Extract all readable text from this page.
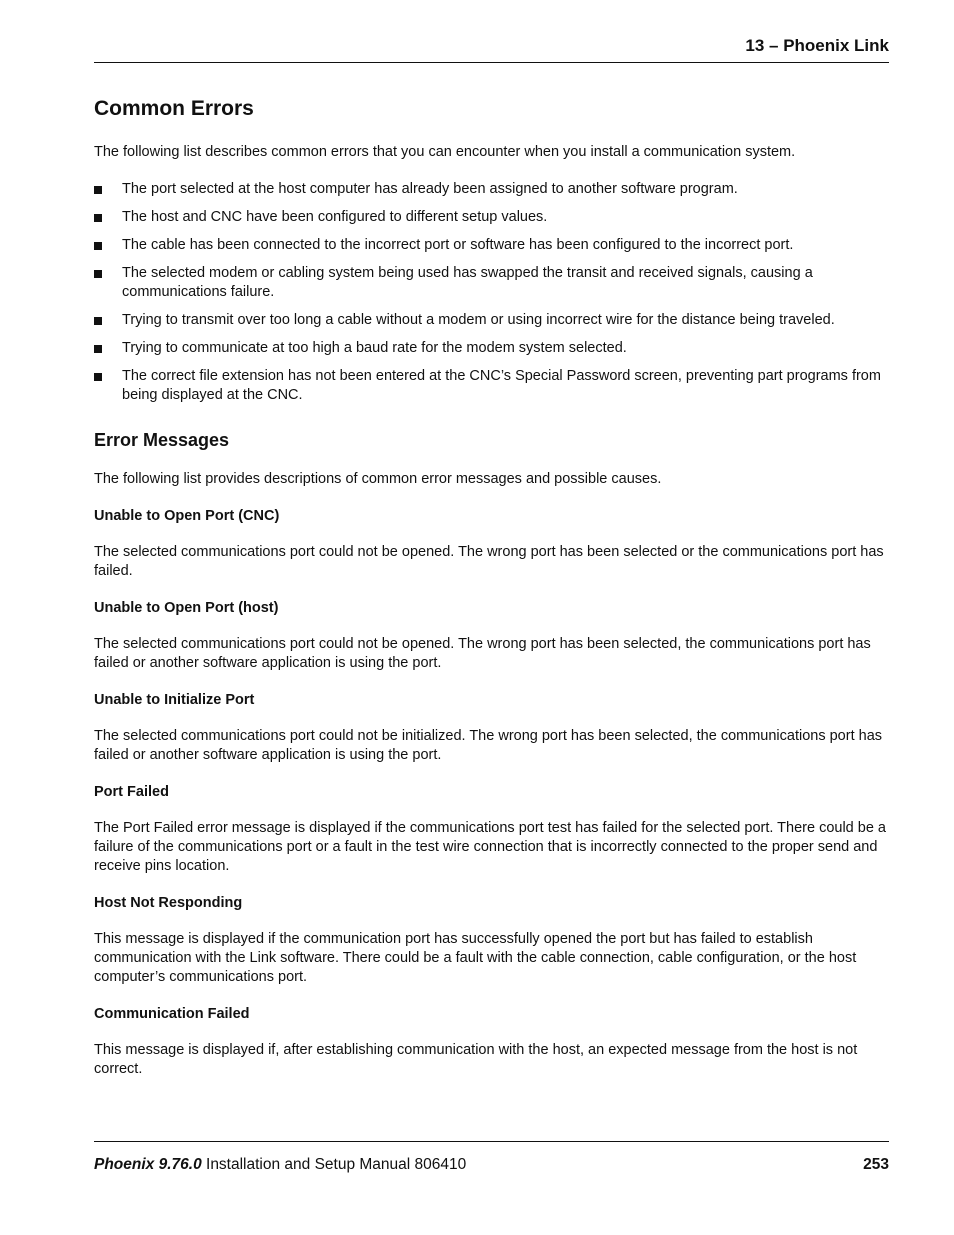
13 – Phoenix Link
Common Errors

The following list describes common errors that you can encounter when you install a communication system.

The port selected at the host computer has already been assigned to another software program.
The host and CNC have been configured to different setup values.
The cable has been connected to the incorrect port or software has been configured to the incorrect port.
The selected modem or cabling system being used has swapped the transit and received signals, causing a communications failure.
Trying to transmit over too long a cable without a modem or using incorrect wire for the distance being traveled.
Trying to communicate at too high a baud rate for the modem system selected.
The correct file extension has not been entered at the CNC’s Special Password screen, preventing part programs from being displayed at the CNC.
Error Messages

The following list provides descriptions of common error messages and possible causes.

Unable to Open Port (CNC)

The selected communications port could not be opened. The wrong port has been selected or the communications port has failed.

Unable to Open Port (host)

The selected communications port could not be opened. The wrong port has been selected, the communications port has failed or another software application is using the port.

Unable to Initialize Port

The selected communications port could not be initialized. The wrong port has been selected, the communications port has failed or another software application is using the port.

Port Failed

The Port Failed error message is displayed if the communications port test has failed for the selected port. There could be a failure of the communications port or a fault in the test wire connection that is incorrectly connected to the proper send and receive pins location.

Host Not Responding

This message is displayed if the communication port has successfully opened the port but has failed to establish communication with the Link software. There could be a fault with the cable connection, cable configuration, or the host computer’s communications port.

Communication Failed

This message is displayed if, after establishing communication with the host, an expected message from the host is not correct.

Phoenix 9.76.0 Installation and Setup Manual 806410	253
